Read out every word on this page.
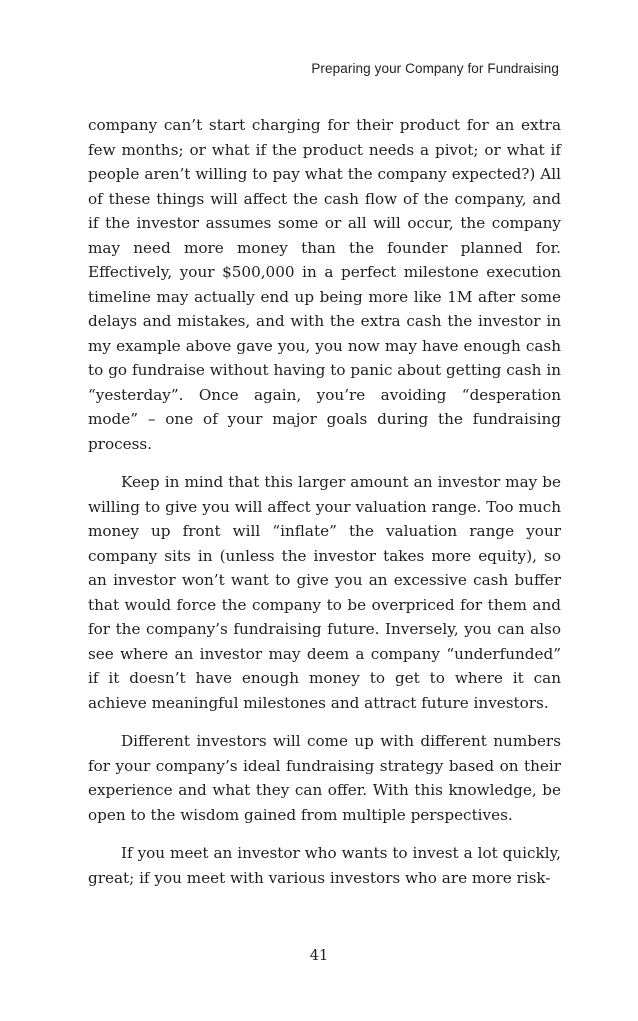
Preparing your Company for Fundraising

company can’t start charging for their product for an extra few months; or what if the product needs a pivot; or what if people aren’t willing to pay what the company expected?) All of these things will affect the cash flow of the company, and if the investor assumes some or all will occur, the company may need more money than the founder planned for. Effectively, your $500,000 in a perfect milestone execution timeline may actually end up being more like 1M after some delays and mistakes, and with the extra cash the investor in my example above gave you, you now may have enough cash to go fundraise without having to panic about getting cash in “yesterday”. Once again, you’re avoiding “desperation mode” – one of your major goals during the fundraising process.

Keep in mind that this larger amount an investor may be willing to give you will affect your valuation range. Too much money up front will “inflate” the valuation range your company sits in (unless the investor takes more equity), so an investor won’t want to give you an excessive cash buffer that would force the company to be overpriced for them and for the company’s fundraising future. Inversely, you can also see where an investor may deem a company “underfunded” if it doesn’t have enough money to get to where it can achieve meaningful milestones and attract future investors.

Different investors will come up with different numbers for your company’s ideal fundraising strategy based on their experience and what they can offer. With this knowledge, be open to the wisdom gained from multiple perspectives.

If you meet an investor who wants to invest a lot quickly, great; if you meet with various investors who are more risk-

41
